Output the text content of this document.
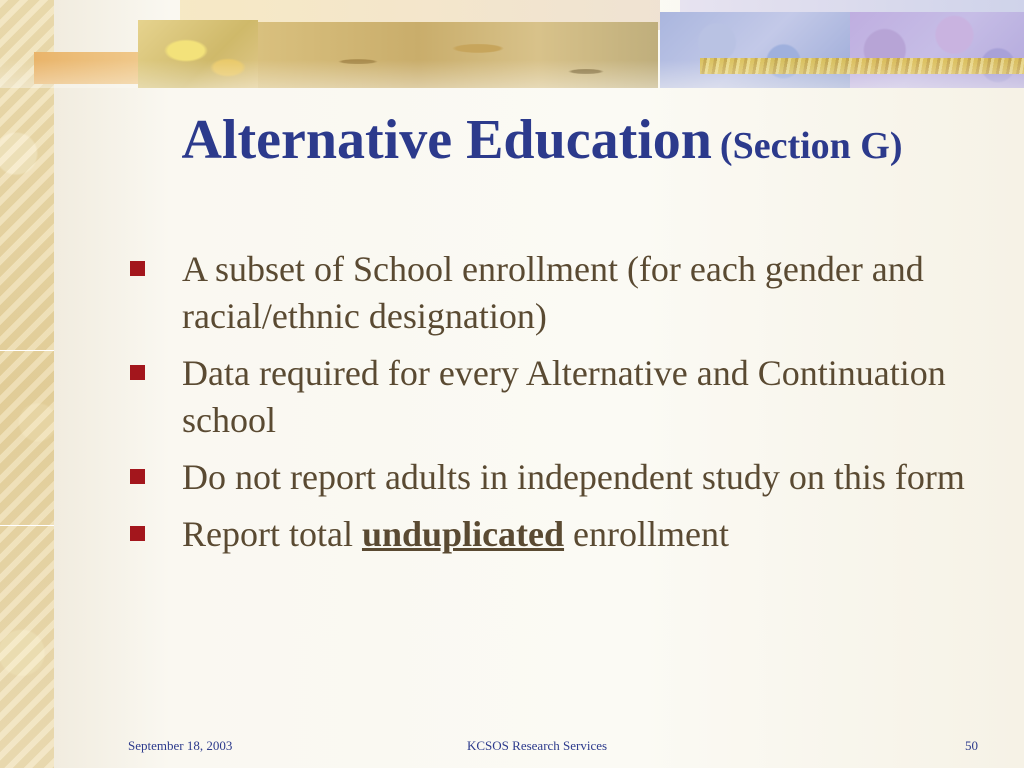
Alternative Education (Section G)
A subset of School enrollment (for each gender and racial/ethnic designation)
Data required for every Alternative and Continuation school
Do not report adults in independent study on this form
Report total unduplicated enrollment
September 18, 2003	KCSOS Research Services	50
